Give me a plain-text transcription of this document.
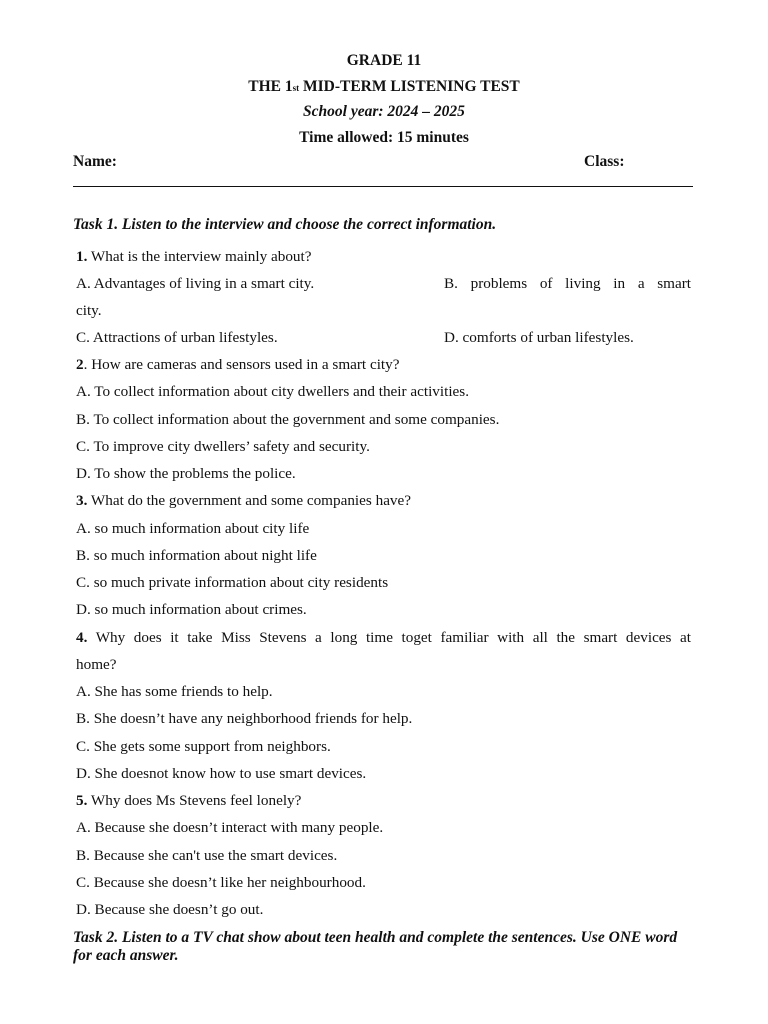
GRADE 11
THE 1st MID-TERM LISTENING TEST
School year: 2024 – 2025
Time allowed: 15 minutes
Name:	Class:
Task 1. Listen to the interview and choose the correct information.
1. What is the interview mainly about?
A. Advantages of living in a smart city.	B. problems of living in a smart
city.
C. Attractions of urban lifestyles.	D. comforts of urban lifestyles.
2. How are cameras and sensors used in a smart city?
A. To collect information about city dwellers and their activities.
B. To collect information about the government and some companies.
C. To improve city dwellers’ safety and security.
D. To show the problems the police.
3. What do the government and some companies have?
A. so much information about city life
B. so much information about night life
C. so much private information about city residents
D. so much information about crimes.
4. Why does it take Miss Stevens a long time toget familiar with all the smart devices at
home?
A. She has some friends to help.
B. She doesn’t have any neighborhood friends for help.
C. She gets some support from neighbors.
D. She doesnot know how to use smart devices.
5. Why does Ms Stevens feel lonely?
A. Because she doesn’t interact with many people.
B. Because she can't use the smart devices.
C. Because she doesn’t like her neighbourhood.
D. Because she doesn’t go out.
Task 2. Listen to a TV chat show about teen health and complete the sentences. Use ONE word for each answer.
